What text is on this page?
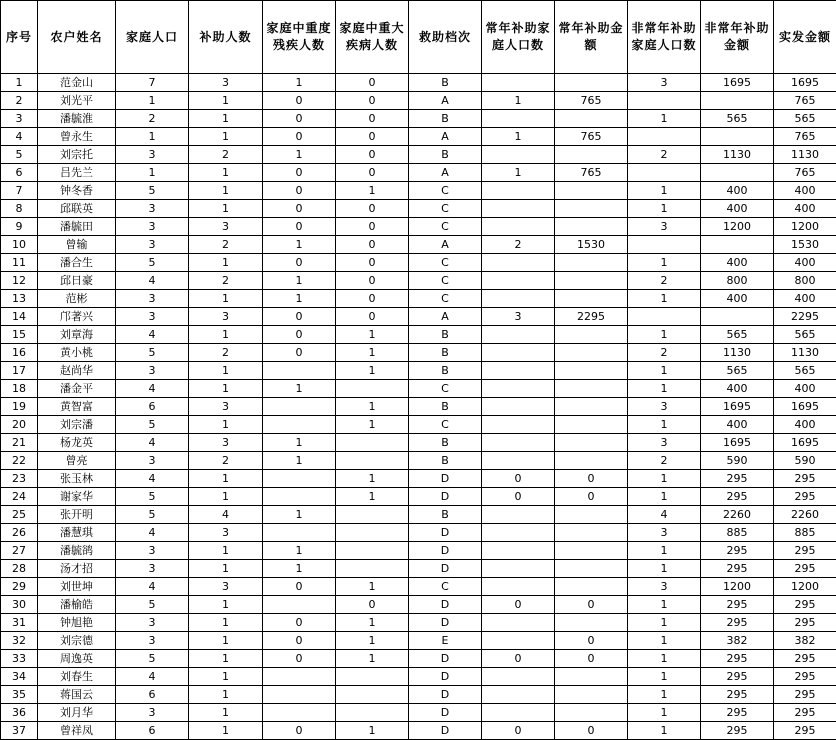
序号	农户姓名	家庭人口	补助人数	家庭中重度残疾人数	家庭中重大疾病人数	救助档次	常年补助家庭人口数	常年补助金额	非常年补助家庭人口数	非常年补助金额	实发金额
1	范金山	7	3	1	0	B			3	1695	1695
2	刘光平	1	1	0	0	A	1	765			765
3	潘毓淮	2	1	0	0	B			1	565	565
4	曾永生	1	1	0	0	A	1	765			765
5	刘宗托	3	2	1	0	B			2	1130	1130
6	吕先兰	1	1	0	0	A	1	765			765
7	钟冬香	5	1	0	1	C			1	400	400
8	邱联英	3	1	0	0	C			1	400	400
9	潘毓田	3	3	0	0	C			3	1200	1200
10	曾输	3	2	1	0	A	2	1530			1530
11	潘合生	5	1	0	0	C			1	400	400
12	邱日豪	4	2	1	0	C			2	800	800
13	范彬	3	1	1	0	C			1	400	400
14	邝著兴	3	3	0	0	A	3	2295			2295
15	刘章海	4	1	0	1	B			1	565	565
16	黄小桃	5	2	0	1	B			2	1130	1130
17	赵尚华	3	1		1	B			1	565	565
18	潘金平	4	1	1		C			1	400	400
19	黄智富	6	3		1	B			3	1695	1695
20	刘宗潘	5	1		1	C			1	400	400
21	杨龙英	4	3	1		B			3	1695	1695
22	曾亮	3	2	1		B			2	590	590
23	张玉林	4	1		1	D	0	0	1	295	295
24	谢家华	5	1		1	D	0	0	1	295	295
25	张开明	5	4	1		B			4	2260	2260
26	潘慧琪	4	3			D			3	885	885
27	潘毓鹆	3	1	1		D			1	295	295
28	汤才招	3	1	1		D			1	295	295
29	刘世坤	4	3	0	1	C			3	1200	1200
30	潘榆皓	5	1		0	D	0	0	1	295	295
31	钟旭艳	3	1	0	1	D			1	295	295
32	刘宗德	3	1	0	1	E		0	1	382	382
33	周逸英	5	1	0	1	D	0	0	1	295	295
34	刘春生	4	1			D			1	295	295
35	蒋国云	6	1			D			1	295	295
36	刘月华	3	1			D			1	295	295
37	曾祥凤	6	1	0	1	D	0	0	1	295	295
